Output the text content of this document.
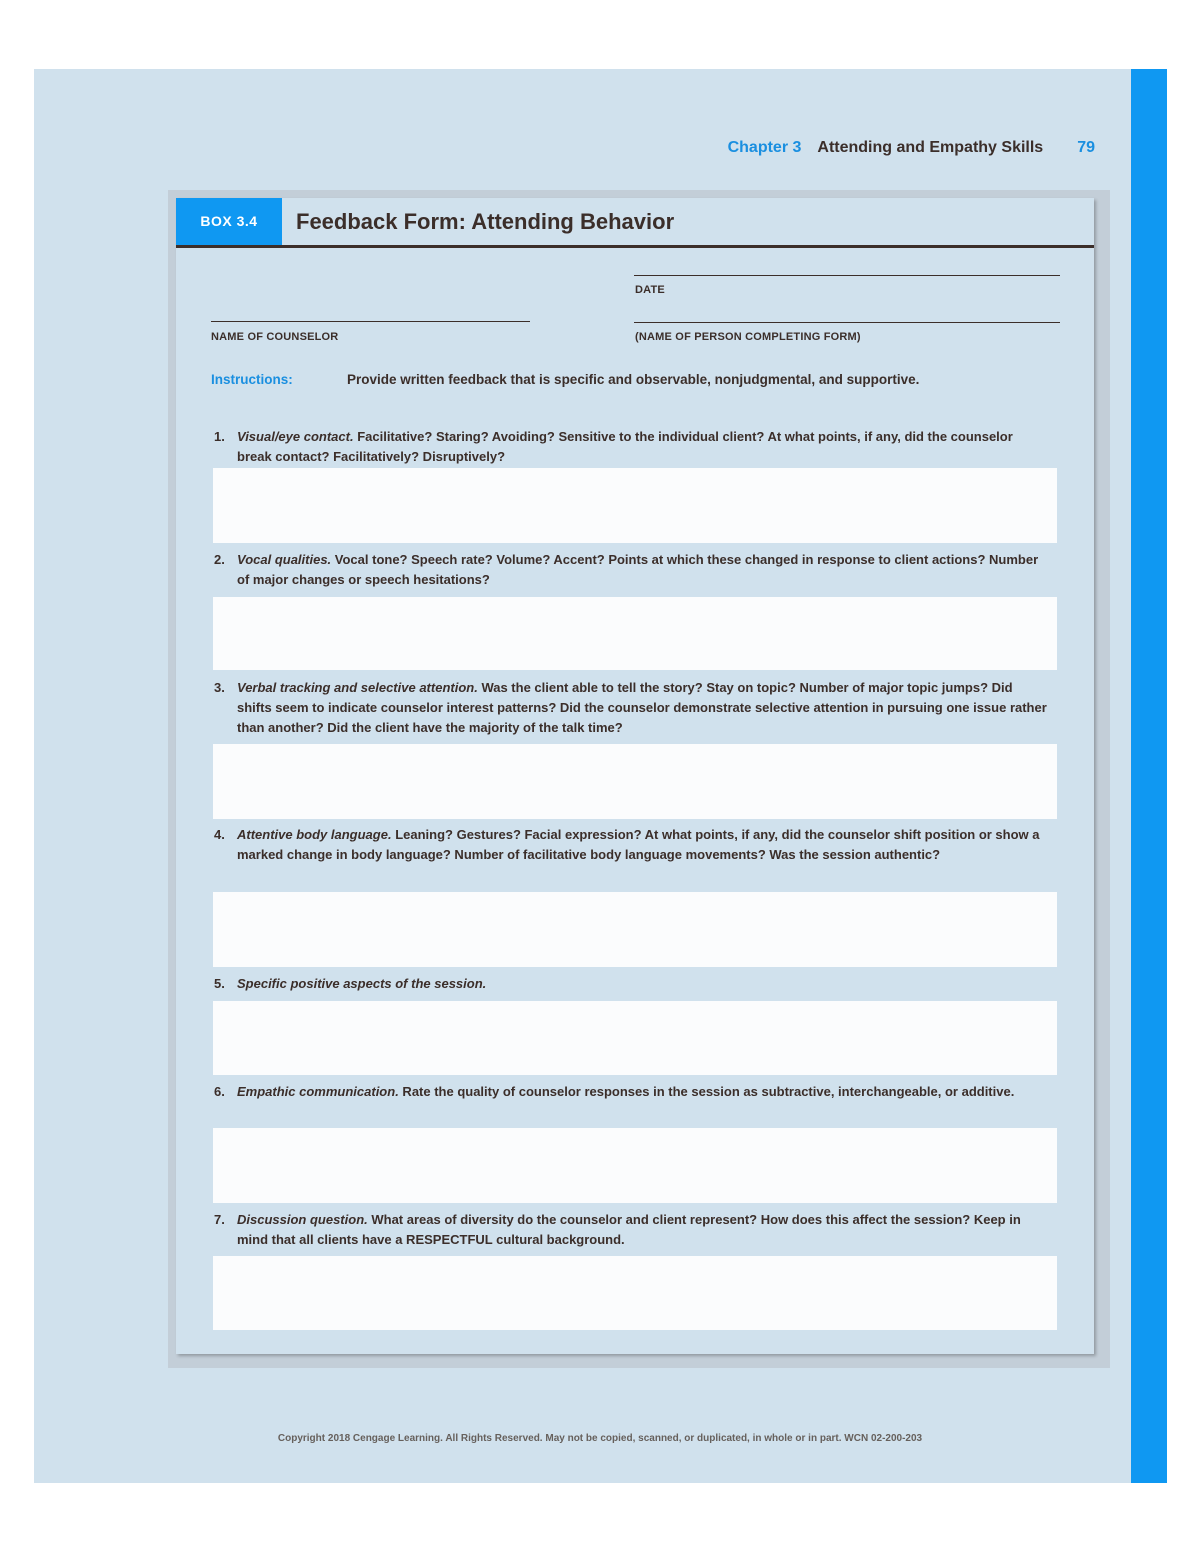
Chapter 3 Attending and Empathy Skills 79
BOX 3.4	Feedback Form: Attending Behavior
DATE
NAME OF COUNSELOR	(NAME OF PERSON COMPLETING FORM)
Instructions:	Provide written feedback that is specific and observable, nonjudgmental, and supportive.
1. Visual/eye contact. Facilitative? Staring? Avoiding? Sensitive to the individual client? At what points, if any, did the counselor break contact? Facilitatively? Disruptively?
2. Vocal qualities. Vocal tone? Speech rate? Volume? Accent? Points at which these changed in response to client actions? Number of major changes or speech hesitations?
3. Verbal tracking and selective attention. Was the client able to tell the story? Stay on topic? Number of major topic jumps? Did shifts seem to indicate counselor interest patterns? Did the counselor demonstrate selective attention in pursuing one issue rather than another? Did the client have the majority of the talk time?
4. Attentive body language. Leaning? Gestures? Facial expression? At what points, if any, did the counselor shift position or show a marked change in body language? Number of facilitative body language movements? Was the session authentic?
5. Specific positive aspects of the session.
6. Empathic communication. Rate the quality of counselor responses in the session as subtractive, interchangeable, or additive.
7. Discussion question. What areas of diversity do the counselor and client represent? How does this affect the session? Keep in mind that all clients have a RESPECTFUL cultural background.
Copyright 2018 Cengage Learning. All Rights Reserved. May not be copied, scanned, or duplicated, in whole or in part. WCN 02-200-203
